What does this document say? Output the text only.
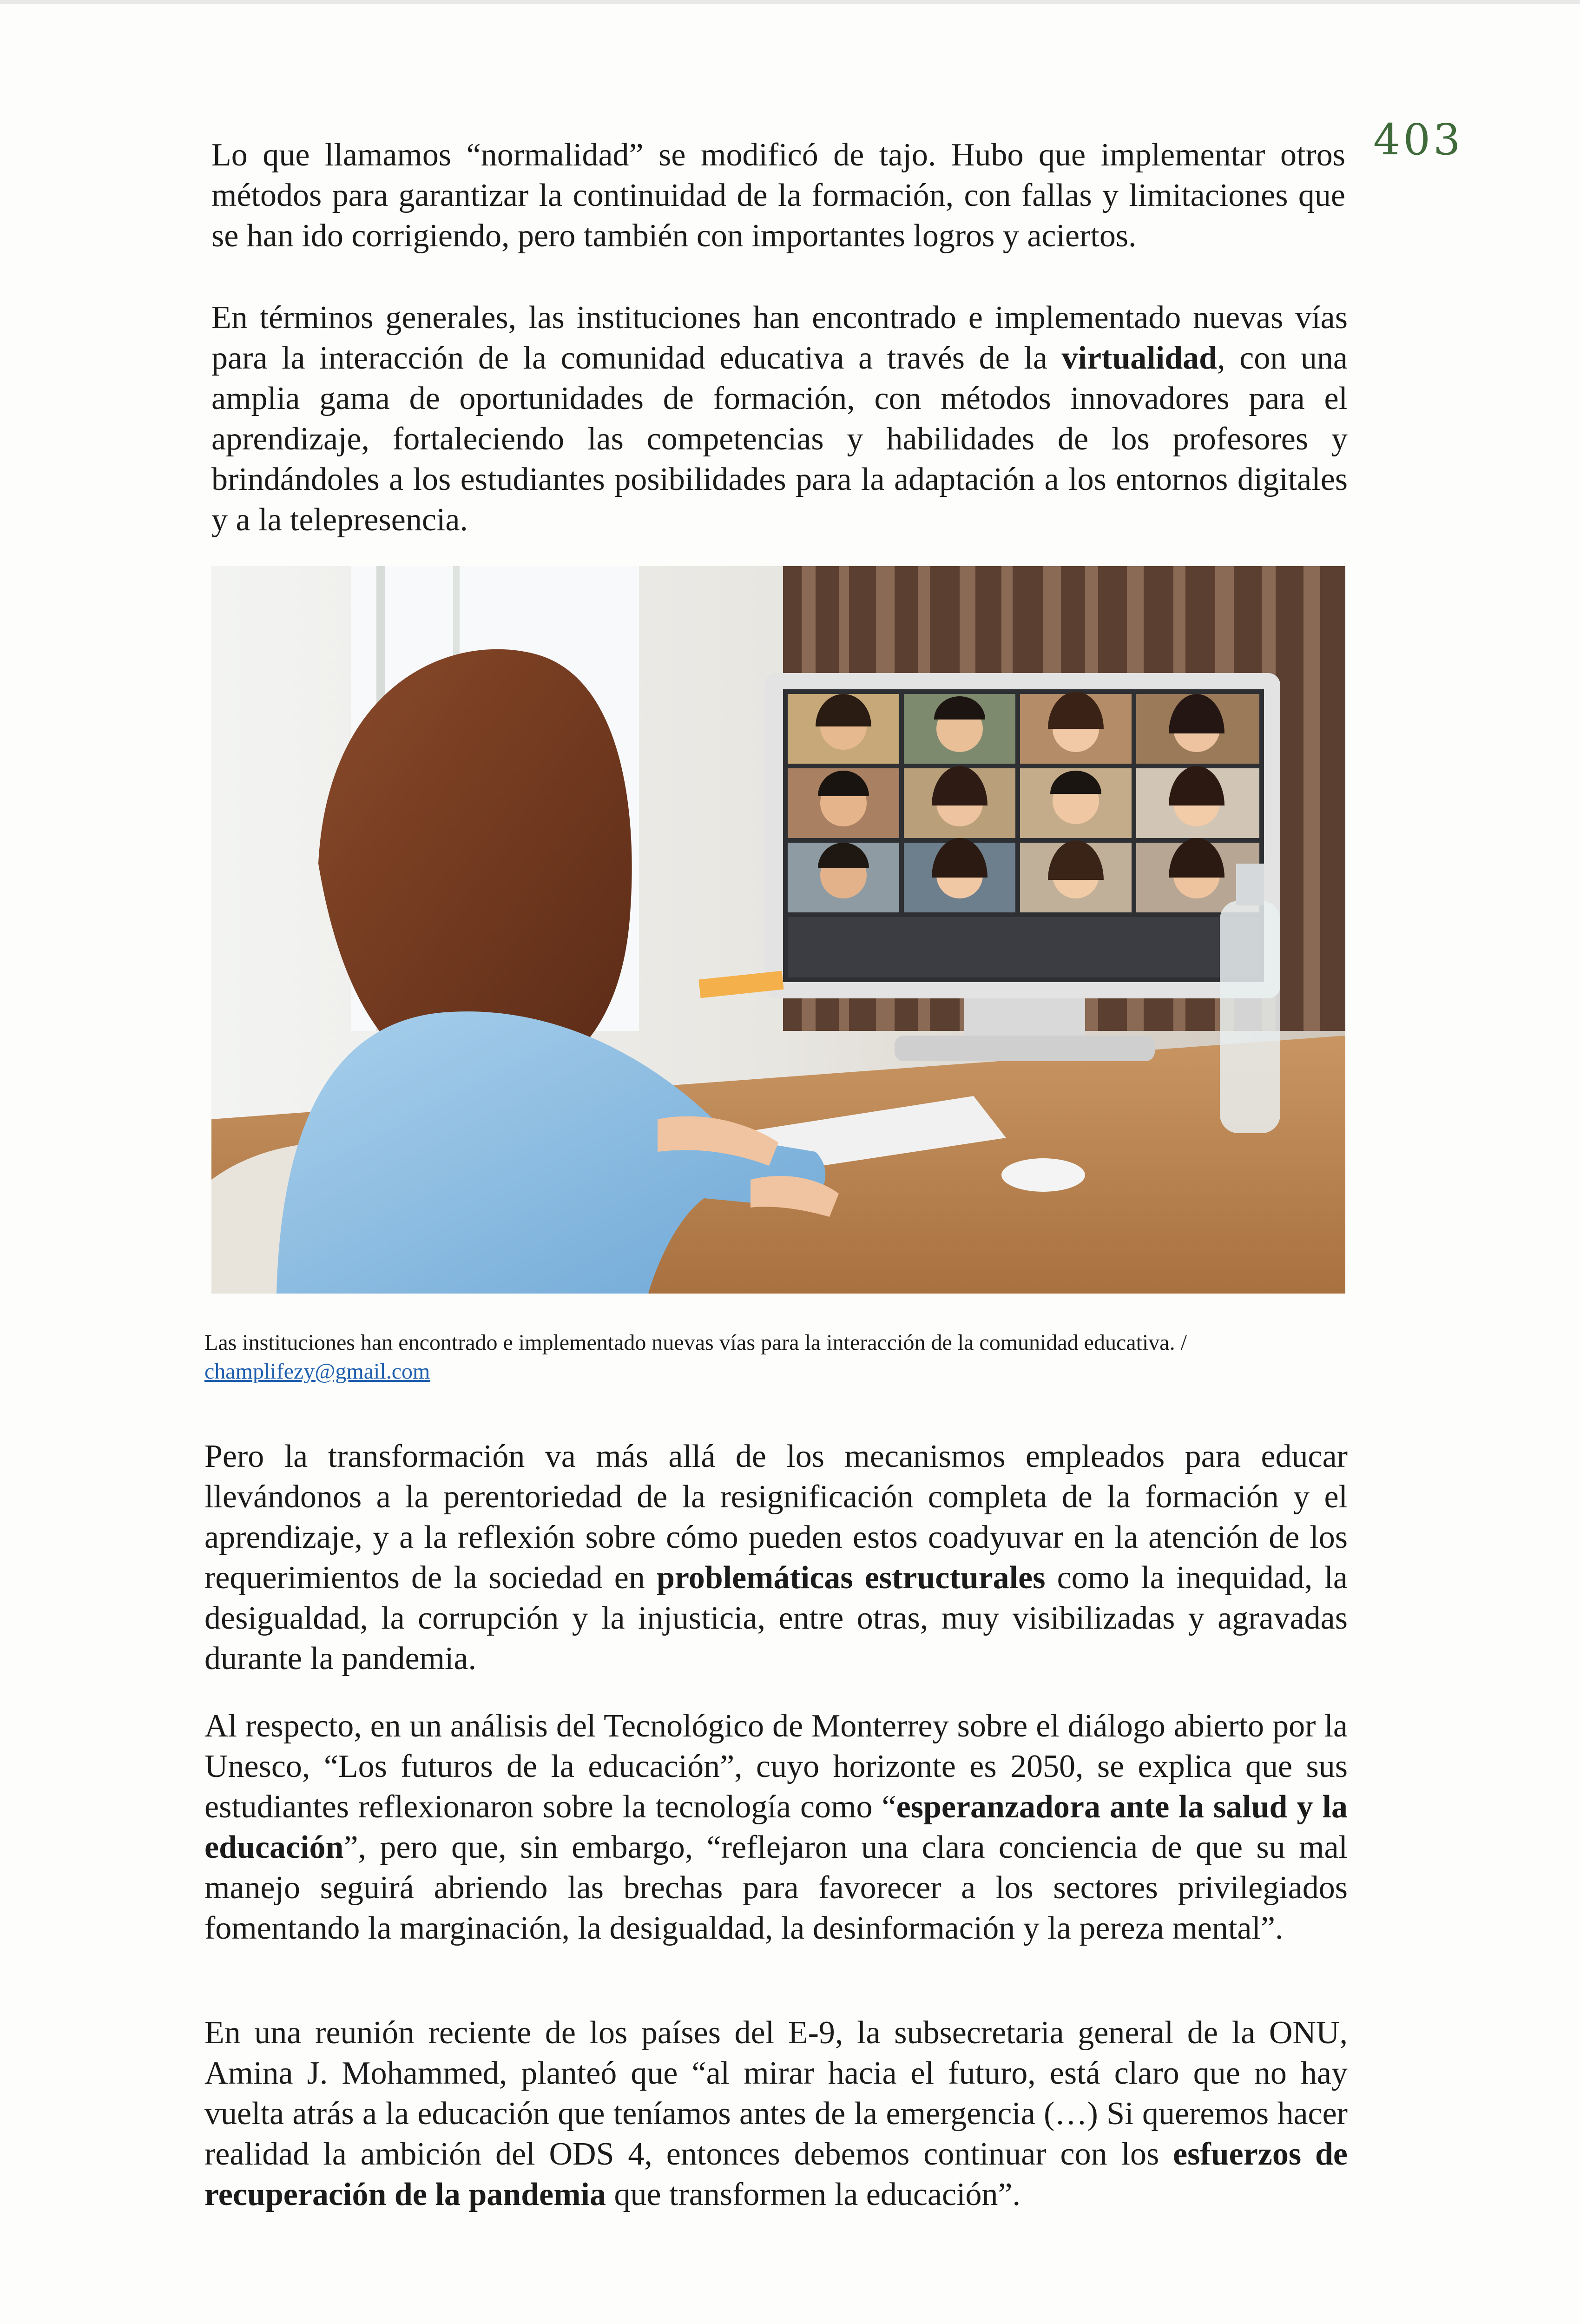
403

Lo que llamamos “normalidad” se modificó de tajo. Hubo que implementar otros métodos para garantizar la continuidad de la formación, con fallas y limitaciones que se han ido corrigiendo, pero también con importantes logros y aciertos.

En términos generales, las instituciones han encontrado e implementado nuevas vías para la interacción de la comunidad educativa a través de la virtualidad, con una amplia gama de oportunidades de formación, con métodos innovadores para el aprendizaje, fortaleciendo las competencias y habilidades de los profesores y brindándoles a los estudiantes posibilidades para la adaptación a los entornos digitales y a la telepresencia.

Las instituciones han encontrado e implementado nuevas vías para la interacción de la comunidad educativa. / champlifezy@gmail.com

Pero la transformación va más allá de los mecanismos empleados para educar llevándonos a la perentoriedad de la resignificación completa de la formación y el aprendizaje, y a la reflexión sobre cómo pueden estos coadyuvar en la atención de los requerimientos de la sociedad en problemáticas estructurales como la inequidad, la desigualdad, la corrupción y la injusticia, entre otras, muy visibilizadas y agravadas durante la pandemia.

Al respecto, en un análisis del Tecnológico de Monterrey sobre el diálogo abierto por la Unesco, “Los futuros de la educación”, cuyo horizonte es 2050, se explica que sus estudiantes reflexionaron sobre la tecnología como “esperanzadora ante la salud y la educación”, pero que, sin embargo, “reflejaron una clara conciencia de que su mal manejo seguirá abriendo las brechas para favorecer a los sectores privilegiados fomentando la marginación, la desigualdad, la desinformación y la pereza mental”.

En una reunión reciente de los países del E-9, la subsecretaria general de la ONU, Amina J. Mohammed, planteó que “al mirar hacia el futuro, está claro que no hay vuelta atrás a la educación que teníamos antes de la emergencia (…) Si queremos hacer realidad la ambición del ODS 4, entonces debemos continuar con los esfuerzos de recuperación de la pandemia que transformen la educación”.
